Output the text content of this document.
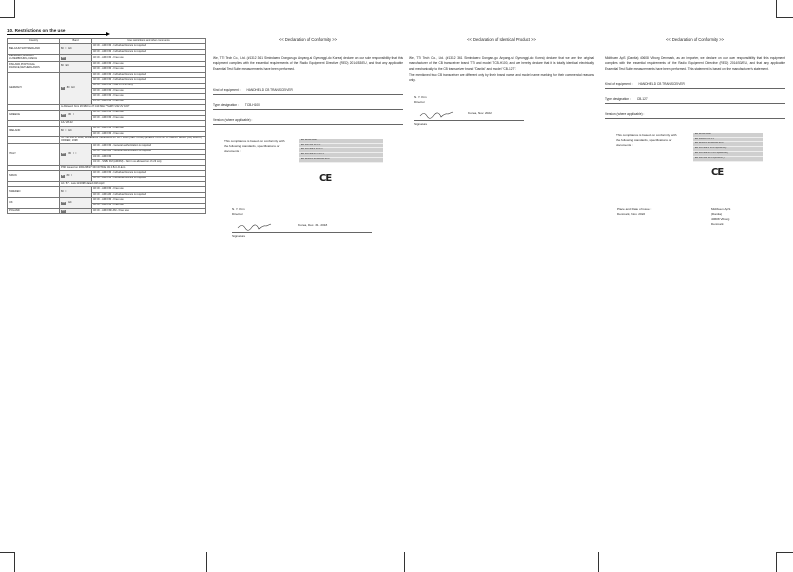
10. Restrictions on the use
Country	Band	Use restrictions and other comments
BELGIUM SWITZERLAND	80 I EC	40 Ch - AM/ FM - Individual licence is required
		40 Ch - AM/ FM - Individual licence is required
DENMARK,NORWAY LUXEMBOURG,CZECH	EC	40 Ch - AM/ FM - Free use
FINLAND,PORTUGAL FRANCE,NETHERLANDS	80 EC	40 Ch - AM/ FM - Free use
		40 Ch - AM/ FM - Free use
GERMANY	D 80 EU	40 Ch - AM/ FM - Individual licence is required
		40 Ch - AM/ FM - Individual licence is required
		40 Ch - AM/ FM - Use ch 4-15 only
		40 Ch - AM/ FM - Free use
		40 Ch - AM/ FM - Free use
		12 Ch - AM/ FM - Free use
	is Allowed: from 26.960 to 27.410 MHz *SuRT/ 222 2V 104*	
GREECE	EC 80 I	40 Ch - AM/ FM - Free use
		40 Ch - AM/ FM - Free use
	1/1/ 28-02	
IRELAND	80 I EC	40 Ch - AM/ FM - Free use
		40 Ch - AM/ FM - Free use
	S.I. No 436 of 1998, WIRELESS TELEGRAPHY ACT 1926 (SECTION6) (EXEMPTION OF CITIZENS' BAND (CB) RADIO) ORDER, 1998	
ITALY	EC 80 I I	40 Ch - AM/ FM - General authorization is required
		40 Ch - AM/ AM - General authorization is required
		34 Ch - AM/ FM
		34 Ch - SSB/ FM (AM/FM) - Not in ce allowed on ch 23 only
	PNF issued on 2001/08/27 3D NOTICE 49 4.B-C-D-E-G	
SPAIN	E 80 I	40 Ch - AM/ FM - Individual licence is required
		40 Ch - AM/ FM - Individual licence is required
	Art. 57 - Law 11/1998 dated 24th April	
SWEDEN	80 I	40 Ch - AM/ FM - Free use
		40 Ch - AM/ AM - Individual licence is required
UK	UK EC	40 Ch - AM/ FM - Free use
		40 Ch - AM/ FM - Free use
POLAND	PL	40 Ch - AM/ FM/ AM - Free use
<< Declaration of Conformity >>
We, TTI Tech Co., Ltd. (#1312 361 Simindaero Dongan-gu Anyang-si Gyeonggi-do Korea) declare on our sole responsibility that this equipment complies with the essential requirements of the Radio Equipment Directive (RED) 2014/53/EU, and that any applicable Essential Test Suite measurements have been performed.
Kind of equipment : HANDHELD CB TRANSCEIVER
Type designation : TCB-H100
Version (where applicable) :
This compliance is based on conformity with the following standards, specifications or documents :
EN 62311:2008
EN 300 433 V2.1.1
EN 301 489-1 V2.2.3
EN 301 489-13 V1.2.1
EN 62368-1:2014+A11:2017
CE
N. Y. Kim
Director
Korea, Dec. 31. 2018
Signature
<< Declaration of Identical Product >>
We, TTI Tech Co., Ltd. (#1312 361 Simindaero Dongan-gu Anyang-si Gyeonggi-do Korea) declare that we are the original manufacturer of the CB transceiver brand TTI and model TCB-H100, and we hereby declare that it is totally identical electrically and mechanically to the CB transceiver brand "Danita" and model "CB-127".
The mentioned two CB transceiver are different only by their brand name and model name marking for their commercial reasons only.
N. Y. Kim
Director
Korea, Nov. 2022
Signature
<< Declaration of Conformity >>
Midtbuen ApS (Danita) 40608 Viborg Denmark, as an importer, we declare on our own responsibility that this equipment complies with the essential requirements of the Radio Equipment Directive (RED) 2014/53/EU, and that any applicable Essential Test Suite measurements have been performed. This statement is based on the manufacturer's statement.
Kind of equipment : HANDHELD CB TRANSCEIVER
Type designation : CB-127
Version (where applicable) :
This compliance is based on conformity with the following standards, specifications or documents :
EN 62311:2008
EN 300433 V2.1.1
EN 62368-1:2014+A11:2017
EN 301 489-1 V2.2.3(2019-11)
EN 301 489-13 V1.2.1(2002-08)
EN 300 433 V2.1.1(2016-07)
CE
Place and Date of issue :
Denmark, Nov. 2022
Midtbuen ApS
(Danita)
40608 Viborg
Denmark
